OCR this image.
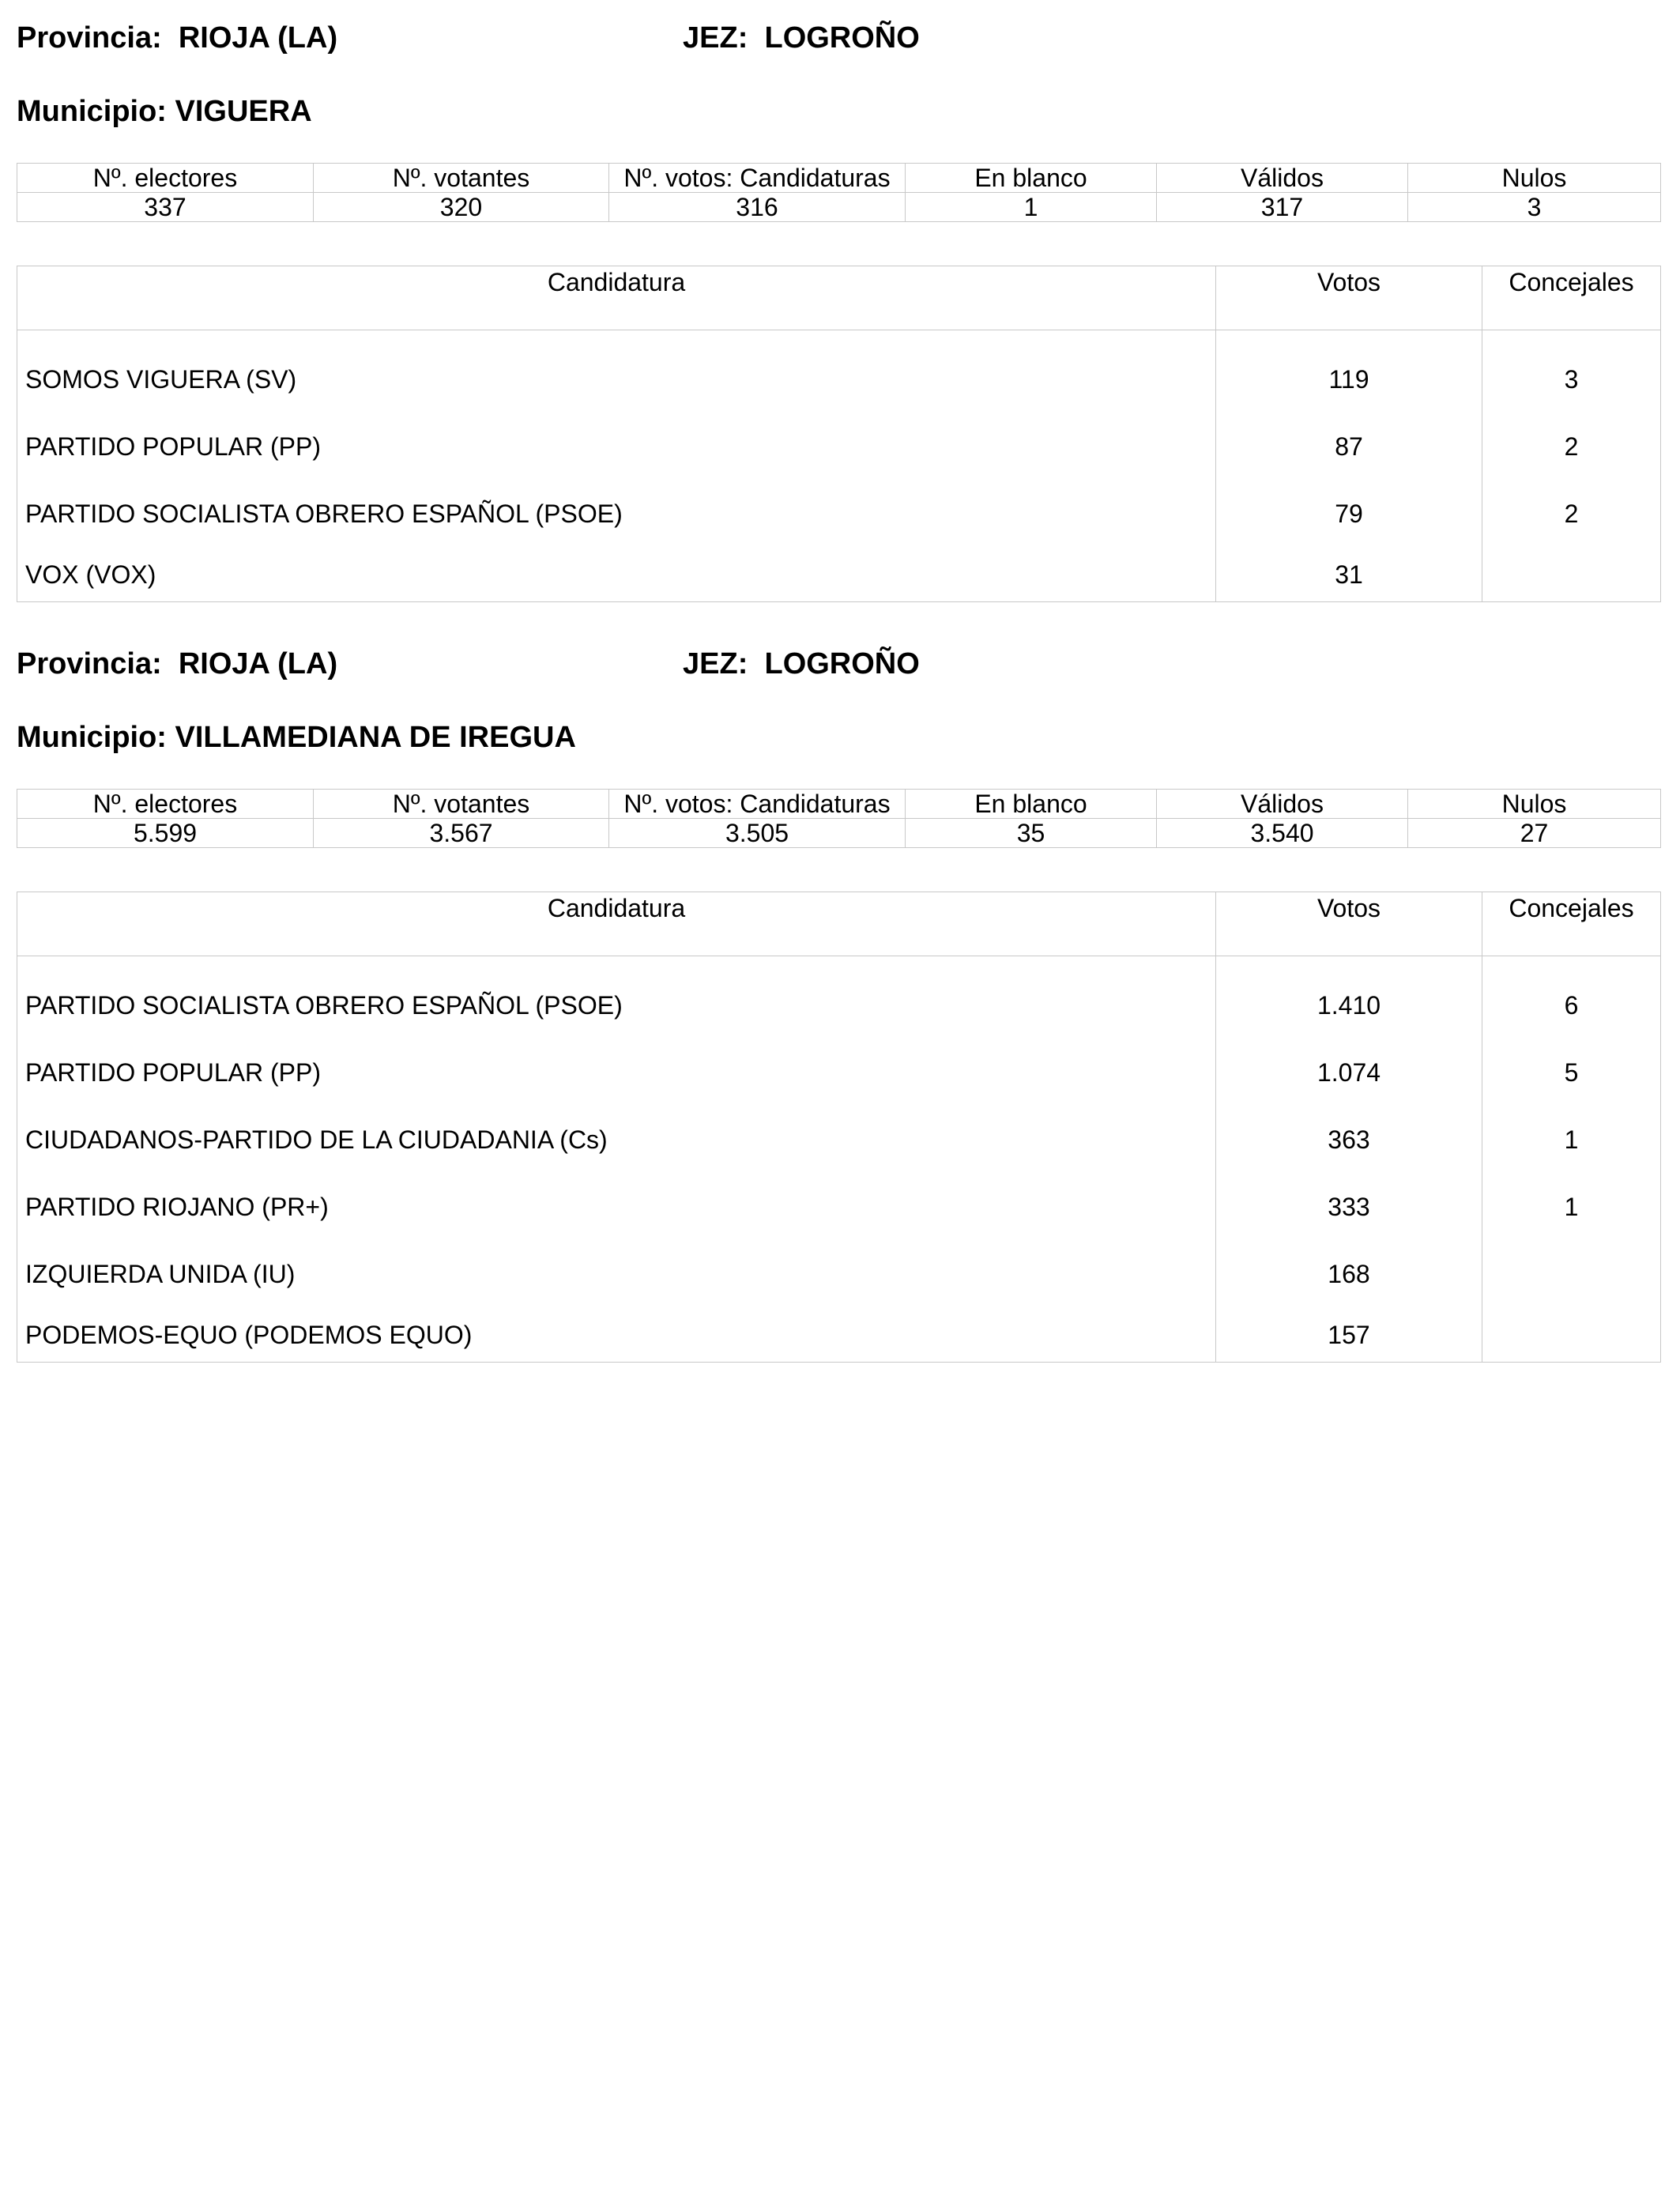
Provincia: RIOJA (LA)	JEZ: LOGROÑO
Municipio: VIGUERA
Nº. electores	Nº. votantes	Nº. votos: Candidaturas	En blanco	Válidos	Nulos
337	320	316	1	317	3
Candidatura	Votos	Concejales

SOMOS VIGUERA (SV)	119	3
PARTIDO POPULAR (PP)	87	2
PARTIDO SOCIALISTA OBRERO ESPAÑOL (PSOE)	79	2
VOX (VOX)	31	
Provincia: RIOJA (LA)	JEZ: LOGROÑO
Municipio: VILLAMEDIANA DE IREGUA
Nº. electores	Nº. votantes	Nº. votos: Candidaturas	En blanco	Válidos	Nulos
5.599	3.567	3.505	35	3.540	27
Candidatura	Votos	Concejales

PARTIDO SOCIALISTA OBRERO ESPAÑOL (PSOE)	1.410	6
PARTIDO POPULAR (PP)	1.074	5
CIUDADANOS-PARTIDO DE LA CIUDADANIA (Cs)	363	1
PARTIDO RIOJANO (PR+)	333	1
IZQUIERDA UNIDA (IU)	168	
PODEMOS-EQUO (PODEMOS EQUO)	157	
